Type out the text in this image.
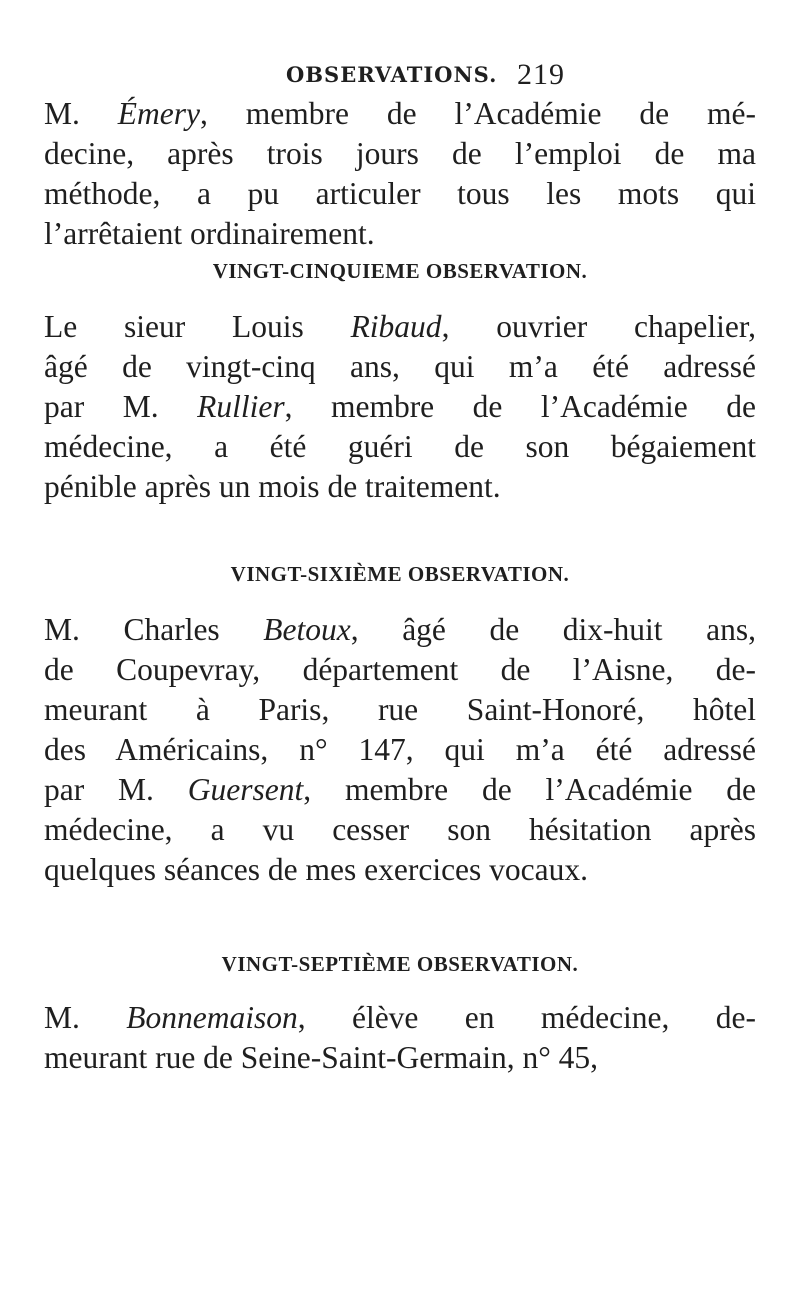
OBSERVATIONS. 219
M. Émery, membre de l’Académie de mé-
decine, après trois jours de l’emploi de ma
méthode, a pu articuler tous les mots qui
l’arrêtaient ordinairement.
VINGT-CINQUIEME OBSERVATION.
Le sieur Louis Ribaud, ouvrier chapelier,
âgé de vingt-cinq ans, qui m’a été adressé
par M. Rullier, membre de l’Académie de
médecine, a été guéri de son bégaiement
pénible après un mois de traitement.
VINGT-SIXIÈME OBSERVATION.
M. Charles Betoux, âgé de dix-huit ans,
de Coupevray, département de l’Aisne, de-
meurant à Paris, rue Saint-Honoré, hôtel
des Américains, n° 147, qui m’a été adressé
par M. Guersent, membre de l’Académie de
médecine, a vu cesser son hésitation après
quelques séances de mes exercices vocaux.
VINGT-SEPTIÈME OBSERVATION.
M. Bonnemaison, élève en médecine, de-
meurant rue de Seine-Saint-Germain, n° 45,
